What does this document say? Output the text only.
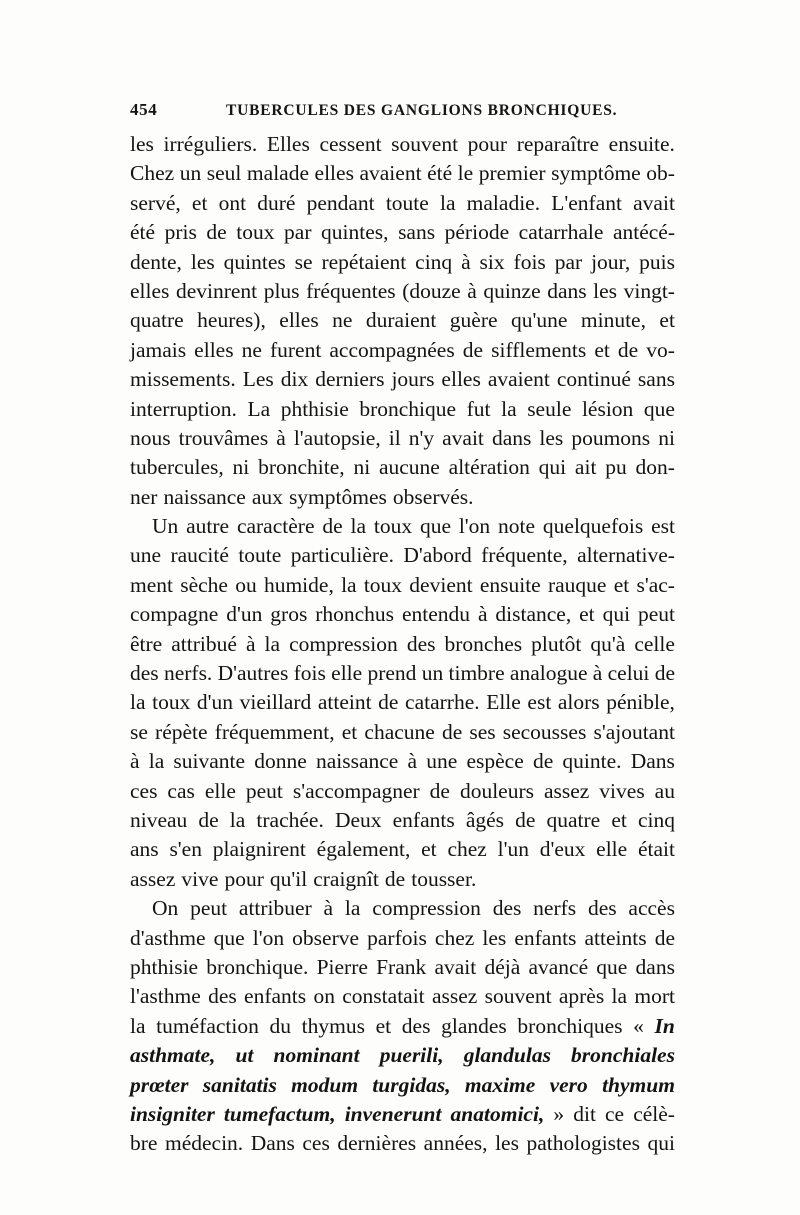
454	TUBERCULES DES GANGLIONS BRONCHIQUES.
les irréguliers. Elles cessent souvent pour reparaître ensuite.
Chez un seul malade elles avaient été le premier symptôme ob-
servé, et ont duré pendant toute la maladie. L'enfant avait
été pris de toux par quintes, sans période catarrhale antécé-
dente, les quintes se repétaient cinq à six fois par jour, puis
elles devinrent plus fréquentes (douze à quinze dans les vingt-
quatre heures), elles ne duraient guère qu'une minute, et
jamais elles ne furent accompagnées de sifflements et de vo-
missements. Les dix derniers jours elles avaient continué sans
interruption. La phthisie bronchique fut la seule lésion que
nous trouvâmes à l'autopsie, il n'y avait dans les poumons ni
tubercules, ni bronchite, ni aucune altération qui ait pu don-
ner naissance aux symptômes observés.
Un autre caractère de la toux que l'on note quelquefois est
une raucité toute particulière. D'abord fréquente, alternative-
ment sèche ou humide, la toux devient ensuite rauque et s'ac-
compagne d'un gros rhonchus entendu à distance, et qui peut
être attribué à la compression des bronches plutôt qu'à celle
des nerfs. D'autres fois elle prend un timbre analogue à celui de
la toux d'un vieillard atteint de catarrhe. Elle est alors pénible,
se répète fréquemment, et chacune de ses secousses s'ajoutant
à la suivante donne naissance à une espèce de quinte. Dans
ces cas elle peut s'accompagner de douleurs assez vives au
niveau de la trachée. Deux enfants âgés de quatre et cinq
ans s'en plaignirent également, et chez l'un d'eux elle était
assez vive pour qu'il craignît de tousser.
On peut attribuer à la compression des nerfs des accès
d'asthme que l'on observe parfois chez les enfants atteints de
phthisie bronchique. Pierre Frank avait déjà avancé que dans
l'asthme des enfants on constatait assez souvent après la mort
la tuméfaction du thymus et des glandes bronchiques « In
asthmate, ut nominant puerili, glandulas bronchiales
prœter sanitatis modum turgidas, maxime vero thymum
insigniter tumefactum, invenerunt anatomici, » dit ce célè-
bre médecin. Dans ces dernières années, les pathologistes qui
